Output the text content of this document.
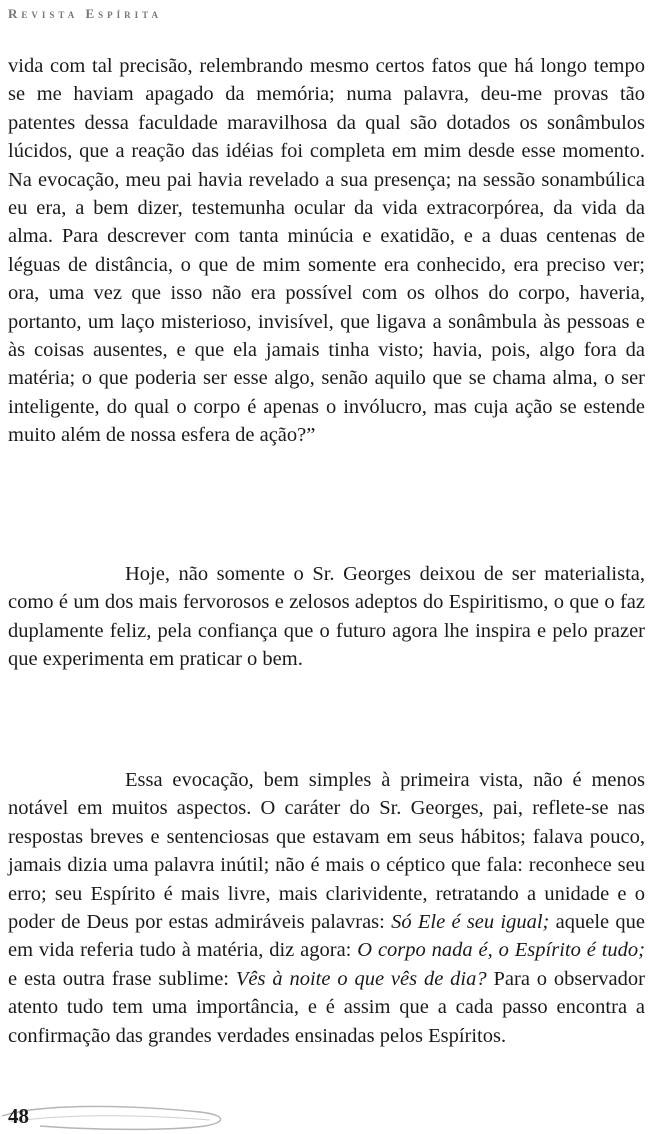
Revista Espírita

vida com tal precisão, relembrando mesmo certos fatos que há longo tempo se me haviam apagado da memória; numa palavra, deu-me provas tão patentes dessa faculdade maravilhosa da qual são dotados os sonâmbulos lúcidos, que a reação das idéias foi completa em mim desde esse momento. Na evocação, meu pai havia revelado a sua presença; na sessão sonambúlica eu era, a bem dizer, testemunha ocular da vida extracorpórea, da vida da alma. Para descrever com tanta minúcia e exatidão, e a duas centenas de léguas de distância, o que de mim somente era conhecido, era preciso ver; ora, uma vez que isso não era possível com os olhos do corpo, haveria, portanto, um laço misterioso, invisível, que ligava a sonâmbula às pessoas e às coisas ausentes, e que ela jamais tinha visto; havia, pois, algo fora da matéria; o que poderia ser esse algo, senão aquilo que se chama alma, o ser inteligente, do qual o corpo é apenas o invólucro, mas cuja ação se estende muito além de nossa esfera de ação?”

Hoje, não somente o Sr. Georges deixou de ser materialista, como é um dos mais fervorosos e zelosos adeptos do Espiritismo, o que o faz duplamente feliz, pela confiança que o futuro agora lhe inspira e pelo prazer que experimenta em praticar o bem.

Essa evocação, bem simples à primeira vista, não é menos notável em muitos aspectos. O caráter do Sr. Georges, pai, reflete-se nas respostas breves e sentenciosas que estavam em seus hábitos; falava pouco, jamais dizia uma palavra inútil; não é mais o céptico que fala: reconhece seu erro; seu Espírito é mais livre, mais clarividente, retratando a unidade e o poder de Deus por estas admiráveis palavras: Só Ele é seu igual; aquele que em vida referia tudo à matéria, diz agora: O corpo nada é, o Espírito é tudo; e esta outra frase sublime: Vês à noite o que vês de dia? Para o observador atento tudo tem uma importância, e é assim que a cada passo encontra a confirmação das grandes verdades ensinadas pelos Espíritos.

48
